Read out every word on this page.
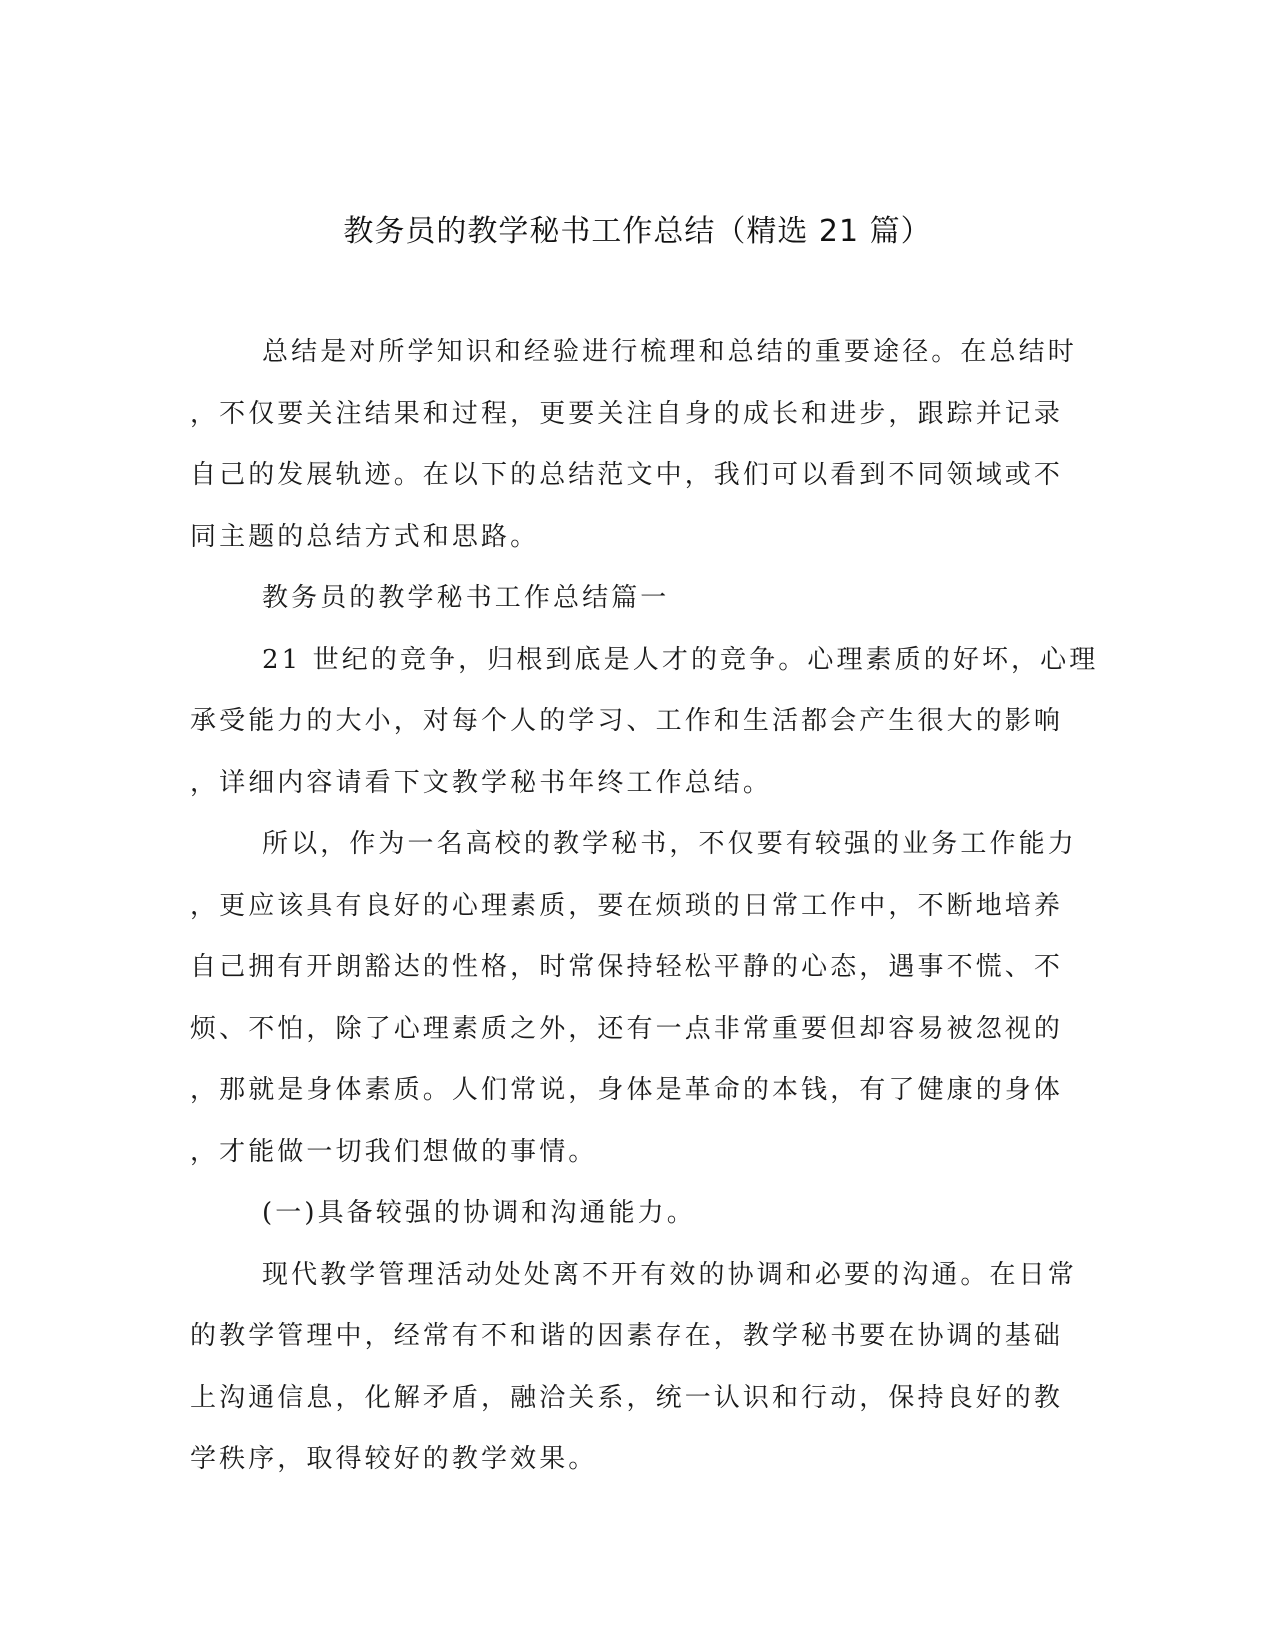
教务员的教学秘书工作总结（精选 21 篇）
总结是对所学知识和经验进行梳理和总结的重要途径。在总结时
，不仅要关注结果和过程，更要关注自身的成长和进步，跟踪并记录
自己的发展轨迹。在以下的总结范文中，我们可以看到不同领域或不
同主题的总结方式和思路。
教务员的教学秘书工作总结篇一
21 世纪的竞争，归根到底是人才的竞争。心理素质的好坏，心理
承受能力的大小，对每个人的学习、工作和生活都会产生很大的影响
，详细内容请看下文教学秘书年终工作总结。
所以，作为一名高校的教学秘书，不仅要有较强的业务工作能力
，更应该具有良好的心理素质，要在烦琐的日常工作中，不断地培养
自己拥有开朗豁达的性格，时常保持轻松平静的心态，遇事不慌、不
烦、不怕，除了心理素质之外，还有一点非常重要但却容易被忽视的
，那就是身体素质。人们常说，身体是革命的本钱，有了健康的身体
，才能做一切我们想做的事情。
(一)具备较强的协调和沟通能力。
现代教学管理活动处处离不开有效的协调和必要的沟通。在日常
的教学管理中，经常有不和谐的因素存在，教学秘书要在协调的基础
上沟通信息，化解矛盾，融洽关系，统一认识和行动，保持良好的教
学秩序，取得较好的教学效果。
